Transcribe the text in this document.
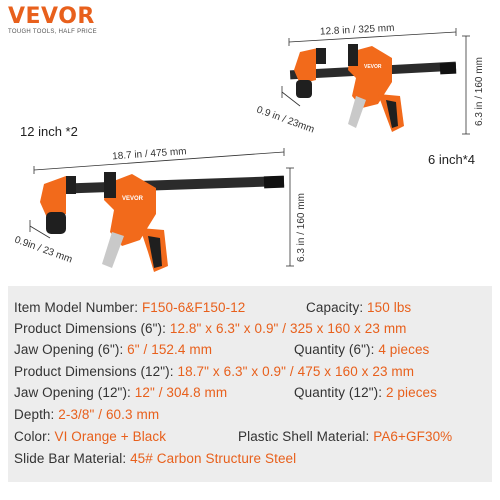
VEVOR
TOUGH TOOLS, HALF PRICE
VEVOR
12.8 in / 325 mm
6.3 in / 160 mm
0.9 in / 23mm
VEVOR
18.7 in / 475 mm
6.3 in / 160 mm
0.9in / 23 mm
12 inch *2
6 inch*4
Item Model Number: F150-6&F150-12	Capacity: 150 lbs
Product Dimensions (6"): 12.8" x 6.3" x 0.9" / 325 x 160 x 23 mm
Jaw Opening (6"): 6" / 152.4 mm	Quantity (6"): 4 pieces
Product Dimensions (12"): 18.7" x 6.3" x 0.9" / 475 x 160 x 23 mm
Jaw Opening (12"): 12" / 304.8 mm	Quantity (12"): 2 pieces
Depth: 2-3/8" / 60.3 mm
Color: VI Orange + Black	Plastic Shell Material: PA6+GF30%
Slide Bar Material: 45# Carbon Structure Steel
